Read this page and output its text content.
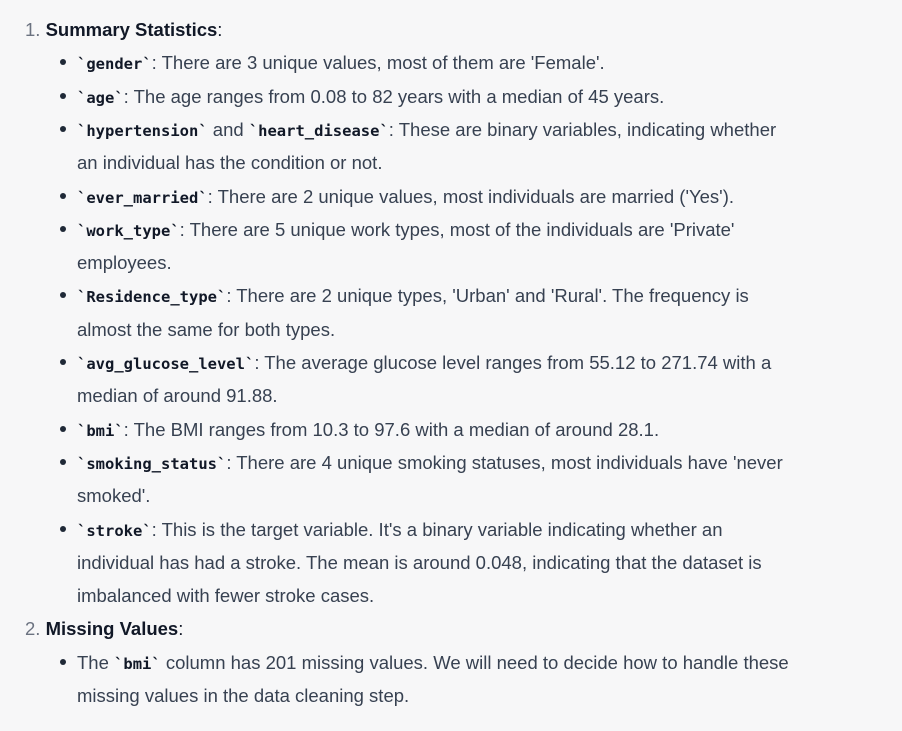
1. Summary Statistics:
`gender`: There are 3 unique values, most of them are 'Female'.
`age`: The age ranges from 0.08 to 82 years with a median of 45 years.
`hypertension` and `heart_disease`: These are binary variables, indicating whether
an individual has the condition or not.
`ever_married`: There are 2 unique values, most individuals are married ('Yes').
`work_type`: There are 5 unique work types, most of the individuals are 'Private'
employees.
`Residence_type`: There are 2 unique types, 'Urban' and 'Rural'. The frequency is
almost the same for both types.
`avg_glucose_level`: The average glucose level ranges from 55.12 to 271.74 with a
median of around 91.88.
`bmi`: The BMI ranges from 10.3 to 97.6 with a median of around 28.1.
`smoking_status`: There are 4 unique smoking statuses, most individuals have 'never
smoked'.
`stroke`: This is the target variable. It's a binary variable indicating whether an
individual has had a stroke. The mean is around 0.048, indicating that the dataset is
imbalanced with fewer stroke cases.
2. Missing Values:
The `bmi` column has 201 missing values. We will need to decide how to handle these
missing values in the data cleaning step.
